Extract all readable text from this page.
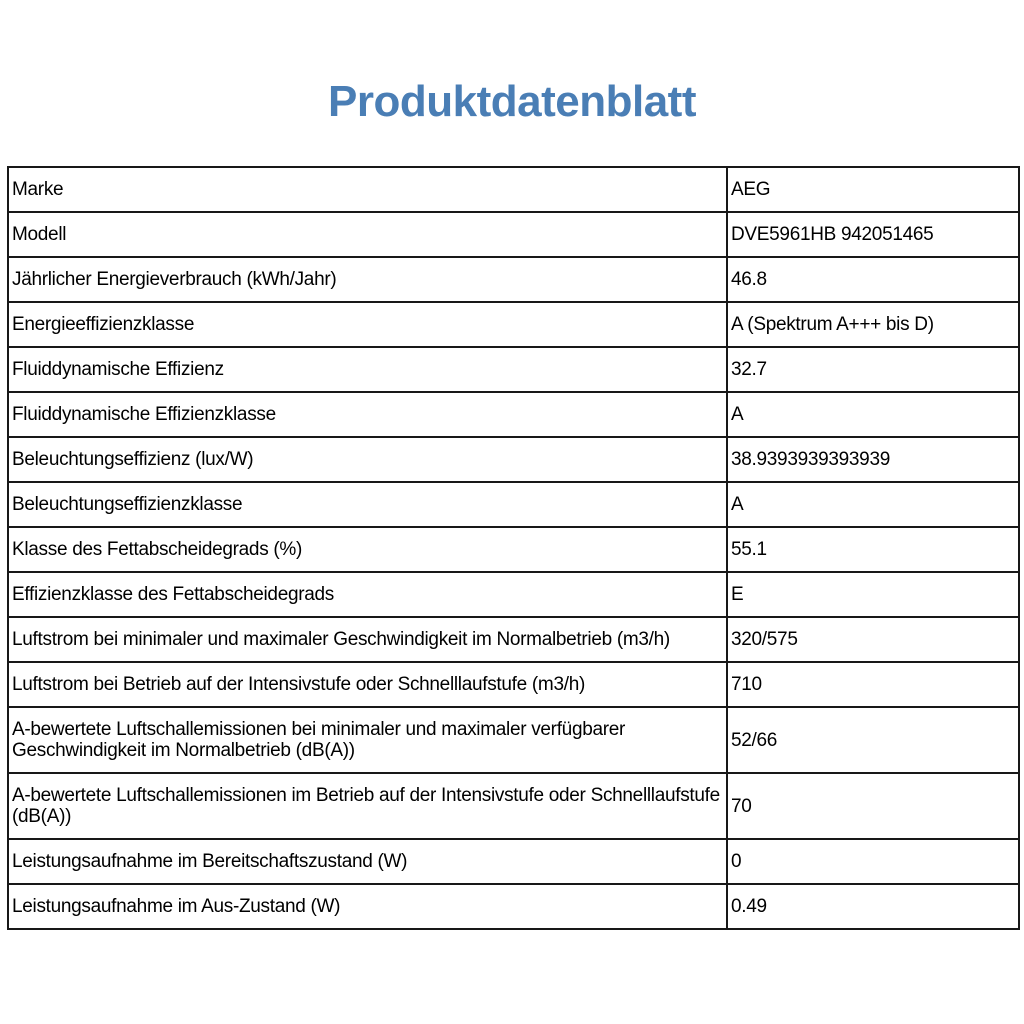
Produktdatenblatt
Marke	AEG
Modell	DVE5961HB 942051465
Jährlicher Energieverbrauch (kWh/Jahr)	46.8
Energieeffizienzklasse	A (Spektrum A+++ bis D)
Fluiddynamische Effizienz	32.7
Fluiddynamische Effizienzklasse	A
Beleuchtungseffizienz (lux/W)	38.9393939393939
Beleuchtungseffizienzklasse	A
Klasse des Fettabscheidegrads (%)	55.1
Effizienzklasse des Fettabscheidegrads	E
Luftstrom bei minimaler und maximaler Geschwindigkeit im Normalbetrieb (m3/h)	320/575
Luftstrom bei Betrieb auf der Intensivstufe oder Schnelllaufstufe (m3/h)	710
A-bewertete Luftschallemissionen bei minimaler und maximaler verfügbarer Geschwindigkeit im Normalbetrieb (dB(A))	52/66
A-bewertete Luftschallemissionen im Betrieb auf der Intensivstufe oder Schnelllaufstufe (dB(A))	70
Leistungsaufnahme im Bereitschaftszustand (W)	0
Leistungsaufnahme im Aus-Zustand (W)	0.49
